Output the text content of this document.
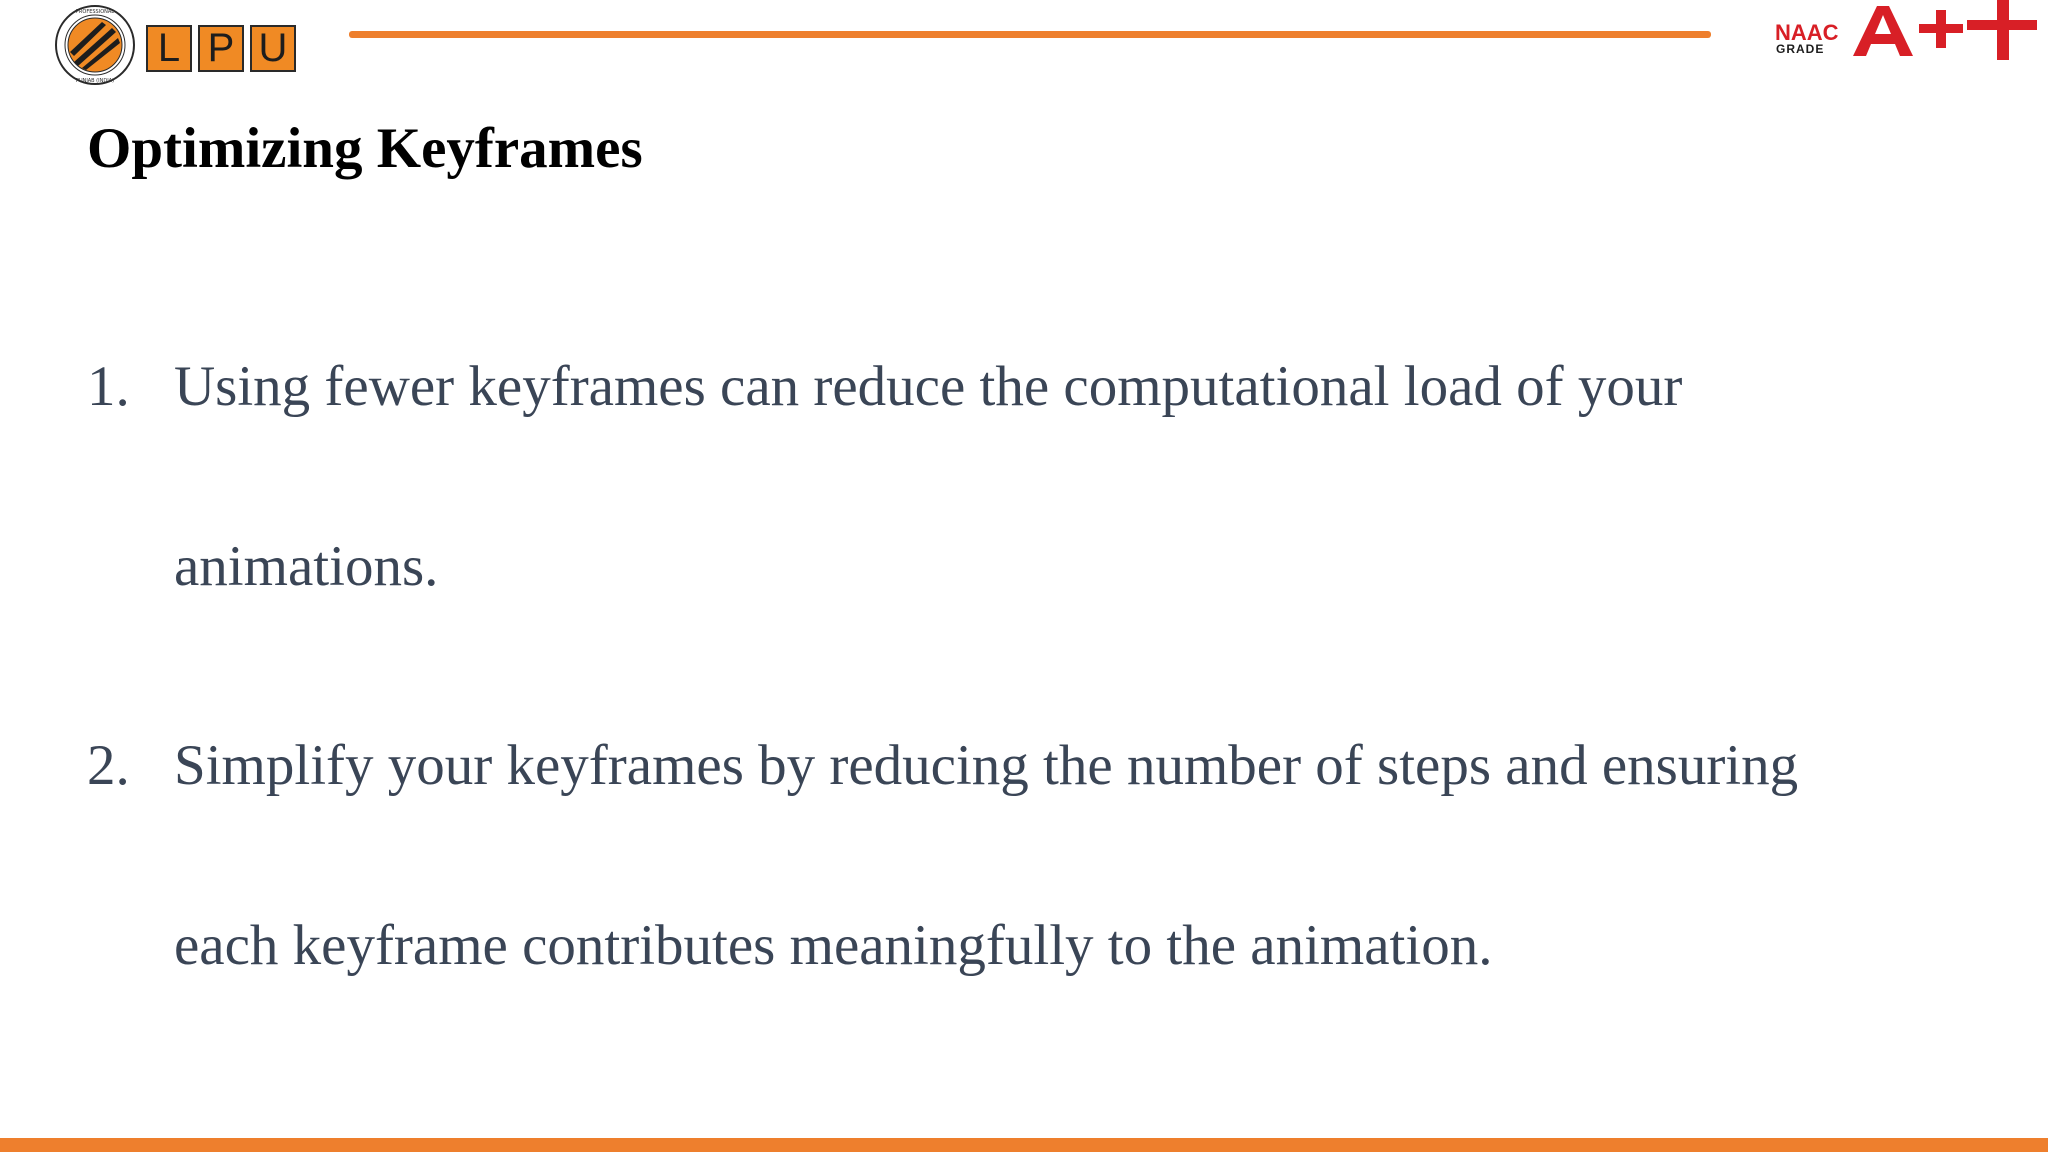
PROFESSIONAL
PUNJAB (INDIA)
L P U	NAAC
GRADE
Optimizing Keyframes
1. Using fewer keyframes can reduce the computational load of your
animations.
2. Simplify your keyframes by reducing the number of steps and ensuring
each keyframe contributes meaningfully to the animation.
